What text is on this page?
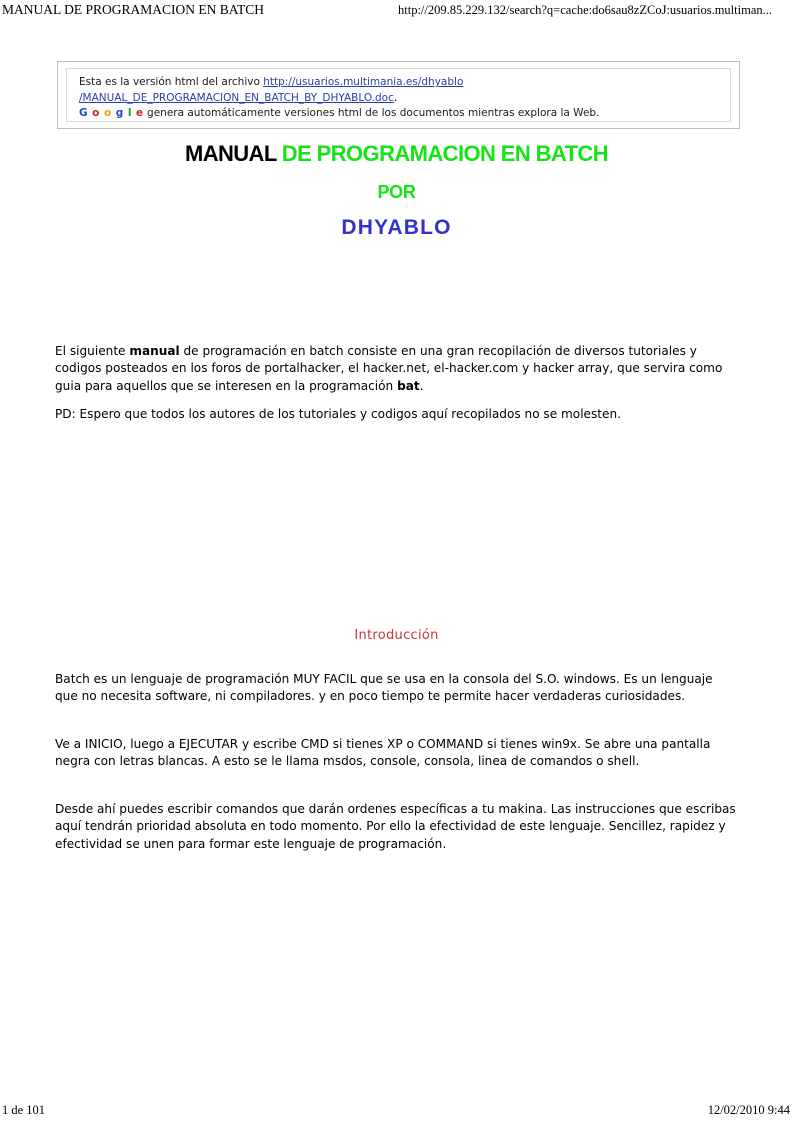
MANUAL DE PROGRAMACION EN BATCH	http://209.85.229.132/search?q=cache:do6sau8zZCoJ:usuarios.multiman...
Esta es la versión html del archivo http://usuarios.multimania.es/dhyablo
/MANUAL_DE_PROGRAMACION_EN_BATCH_BY_DHYABLO.doc.
G o o g l e genera automáticamente versiones html de los documentos mientras explora la Web.
MANUAL DE PROGRAMACION EN BATCH
POR
DHYABLO

El siguiente manual de programación en batch consiste en una gran recopilación de diversos tutoriales y codigos posteados en los foros de portalhacker, el hacker.net, el-hacker.com y hacker array, que servira como guia para aquellos que se interesen en la programación bat.

PD: Espero que todos los autores de los tutoriales y codigos aquí recopilados no se molesten.

Introducción

Batch es un lenguaje de programación MUY FACIL que se usa en la consola del S.O. windows. Es un lenguaje que no necesita software, ni compiladores. y en poco tiempo te permite hacer verdaderas curiosidades.

Ve a INICIO, luego a EJECUTAR y escribe CMD si tienes XP o COMMAND si tienes win9x. Se abre una pantalla negra con letras blancas. A esto se le llama msdos, console, consola, linea de comandos o shell.

Desde ahí puedes escribir comandos que darán ordenes específicas a tu makina. Las instrucciones que escribas aquí tendrán prioridad absoluta en todo momento. Por ello la efectividad de este lenguaje. Sencillez, rapidez y efectividad se unen para formar este lenguaje de programación.

1 de 101	12/02/2010 9:44
